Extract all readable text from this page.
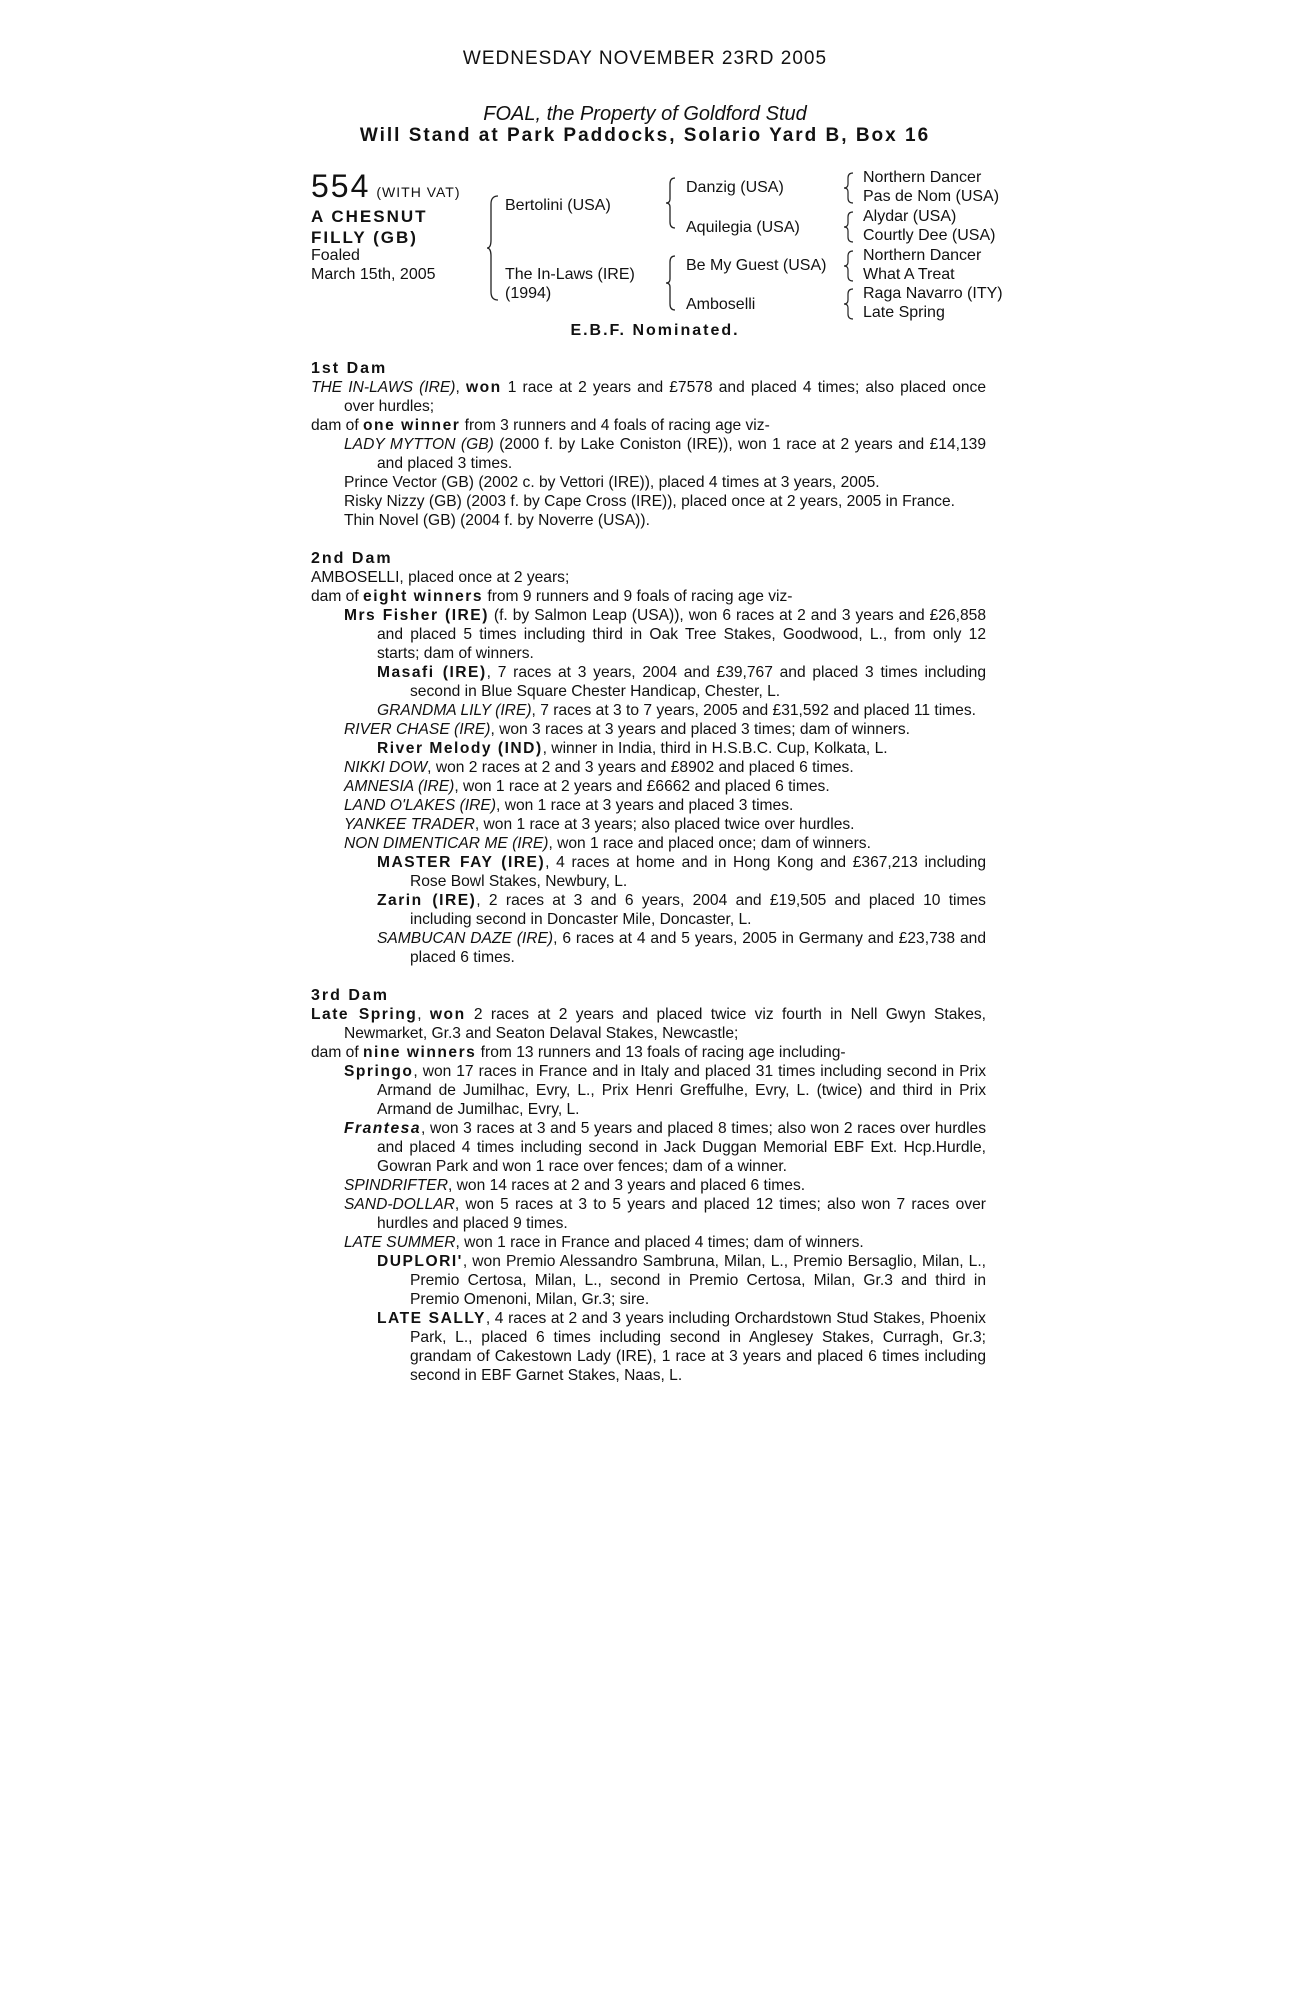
WEDNESDAY NOVEMBER 23RD 2005
FOAL, the Property of Goldford Stud
Will Stand at Park Paddocks, Solario Yard B, Box 16
554 (WITH VAT)
A CHESNUT FILLY (GB)
Foaled
March 15th, 2005
Bertolini (USA)
The In-Laws (IRE)
(1994)
Danzig (USA)
Aquilegia (USA)
Be My Guest (USA)
Amboselli
Northern Dancer
Pas de Nom (USA)
Alydar (USA)
Courtly Dee (USA)
Northern Dancer
What A Treat
Raga Navarro (ITY)
Late Spring
E.B.F. Nominated.
1st Dam
THE IN-LAWS (IRE), won 1 race at 2 years and £7578 and placed 4 times; also placed once over hurdles;
dam of one winner from 3 runners and 4 foals of racing age viz-
LADY MYTTON (GB) (2000 f. by Lake Coniston (IRE)), won 1 race at 2 years and £14,139 and placed 3 times.
Prince Vector (GB) (2002 c. by Vettori (IRE)), placed 4 times at 3 years, 2005.
Risky Nizzy (GB) (2003 f. by Cape Cross (IRE)), placed once at 2 years, 2005 in France.
Thin Novel (GB) (2004 f. by Noverre (USA)).
2nd Dam
AMBOSELLI, placed once at 2 years;
dam of eight winners from 9 runners and 9 foals of racing age viz-
Mrs Fisher (IRE) (f. by Salmon Leap (USA)), won 6 races at 2 and 3 years and £26,858 and placed 5 times including third in Oak Tree Stakes, Goodwood, L., from only 12 starts; dam of winners.
Masafi (IRE), 7 races at 3 years, 2004 and £39,767 and placed 3 times including second in Blue Square Chester Handicap, Chester, L.
GRANDMA LILY (IRE), 7 races at 3 to 7 years, 2005 and £31,592 and placed 11 times.
RIVER CHASE (IRE), won 3 races at 3 years and placed 3 times; dam of winners.
River Melody (IND), winner in India, third in H.S.B.C. Cup, Kolkata, L.
NIKKI DOW, won 2 races at 2 and 3 years and £8902 and placed 6 times.
AMNESIA (IRE), won 1 race at 2 years and £6662 and placed 6 times.
LAND O'LAKES (IRE), won 1 race at 3 years and placed 3 times.
YANKEE TRADER, won 1 race at 3 years; also placed twice over hurdles.
NON DIMENTICAR ME (IRE), won 1 race and placed once; dam of winners.
MASTER FAY (IRE), 4 races at home and in Hong Kong and £367,213 including Rose Bowl Stakes, Newbury, L.
Zarin (IRE), 2 races at 3 and 6 years, 2004 and £19,505 and placed 10 times including second in Doncaster Mile, Doncaster, L.
SAMBUCAN DAZE (IRE), 6 races at 4 and 5 years, 2005 in Germany and £23,738 and placed 6 times.
3rd Dam
Late Spring, won 2 races at 2 years and placed twice viz fourth in Nell Gwyn Stakes, Newmarket, Gr.3 and Seaton Delaval Stakes, Newcastle;
dam of nine winners from 13 runners and 13 foals of racing age including-
Springo, won 17 races in France and in Italy and placed 31 times including second in Prix Armand de Jumilhac, Evry, L., Prix Henri Greffulhe, Evry, L. (twice) and third in Prix Armand de Jumilhac, Evry, L.
Frantesa, won 3 races at 3 and 5 years and placed 8 times; also won 2 races over hurdles and placed 4 times including second in Jack Duggan Memorial EBF Ext. Hcp.Hurdle, Gowran Park and won 1 race over fences; dam of a winner.
SPINDRIFTER, won 14 races at 2 and 3 years and placed 6 times.
SAND-DOLLAR, won 5 races at 3 to 5 years and placed 12 times; also won 7 races over hurdles and placed 9 times.
LATE SUMMER, won 1 race in France and placed 4 times; dam of winners.
DUPLORI', won Premio Alessandro Sambruna, Milan, L., Premio Bersaglio, Milan, L., Premio Certosa, Milan, L., second in Premio Certosa, Milan, Gr.3 and third in Premio Omenoni, Milan, Gr.3; sire.
LATE SALLY, 4 races at 2 and 3 years including Orchardstown Stud Stakes, Phoenix Park, L., placed 6 times including second in Anglesey Stakes, Curragh, Gr.3; grandam of Cakestown Lady (IRE), 1 race at 3 years and placed 6 times including second in EBF Garnet Stakes, Naas, L.
